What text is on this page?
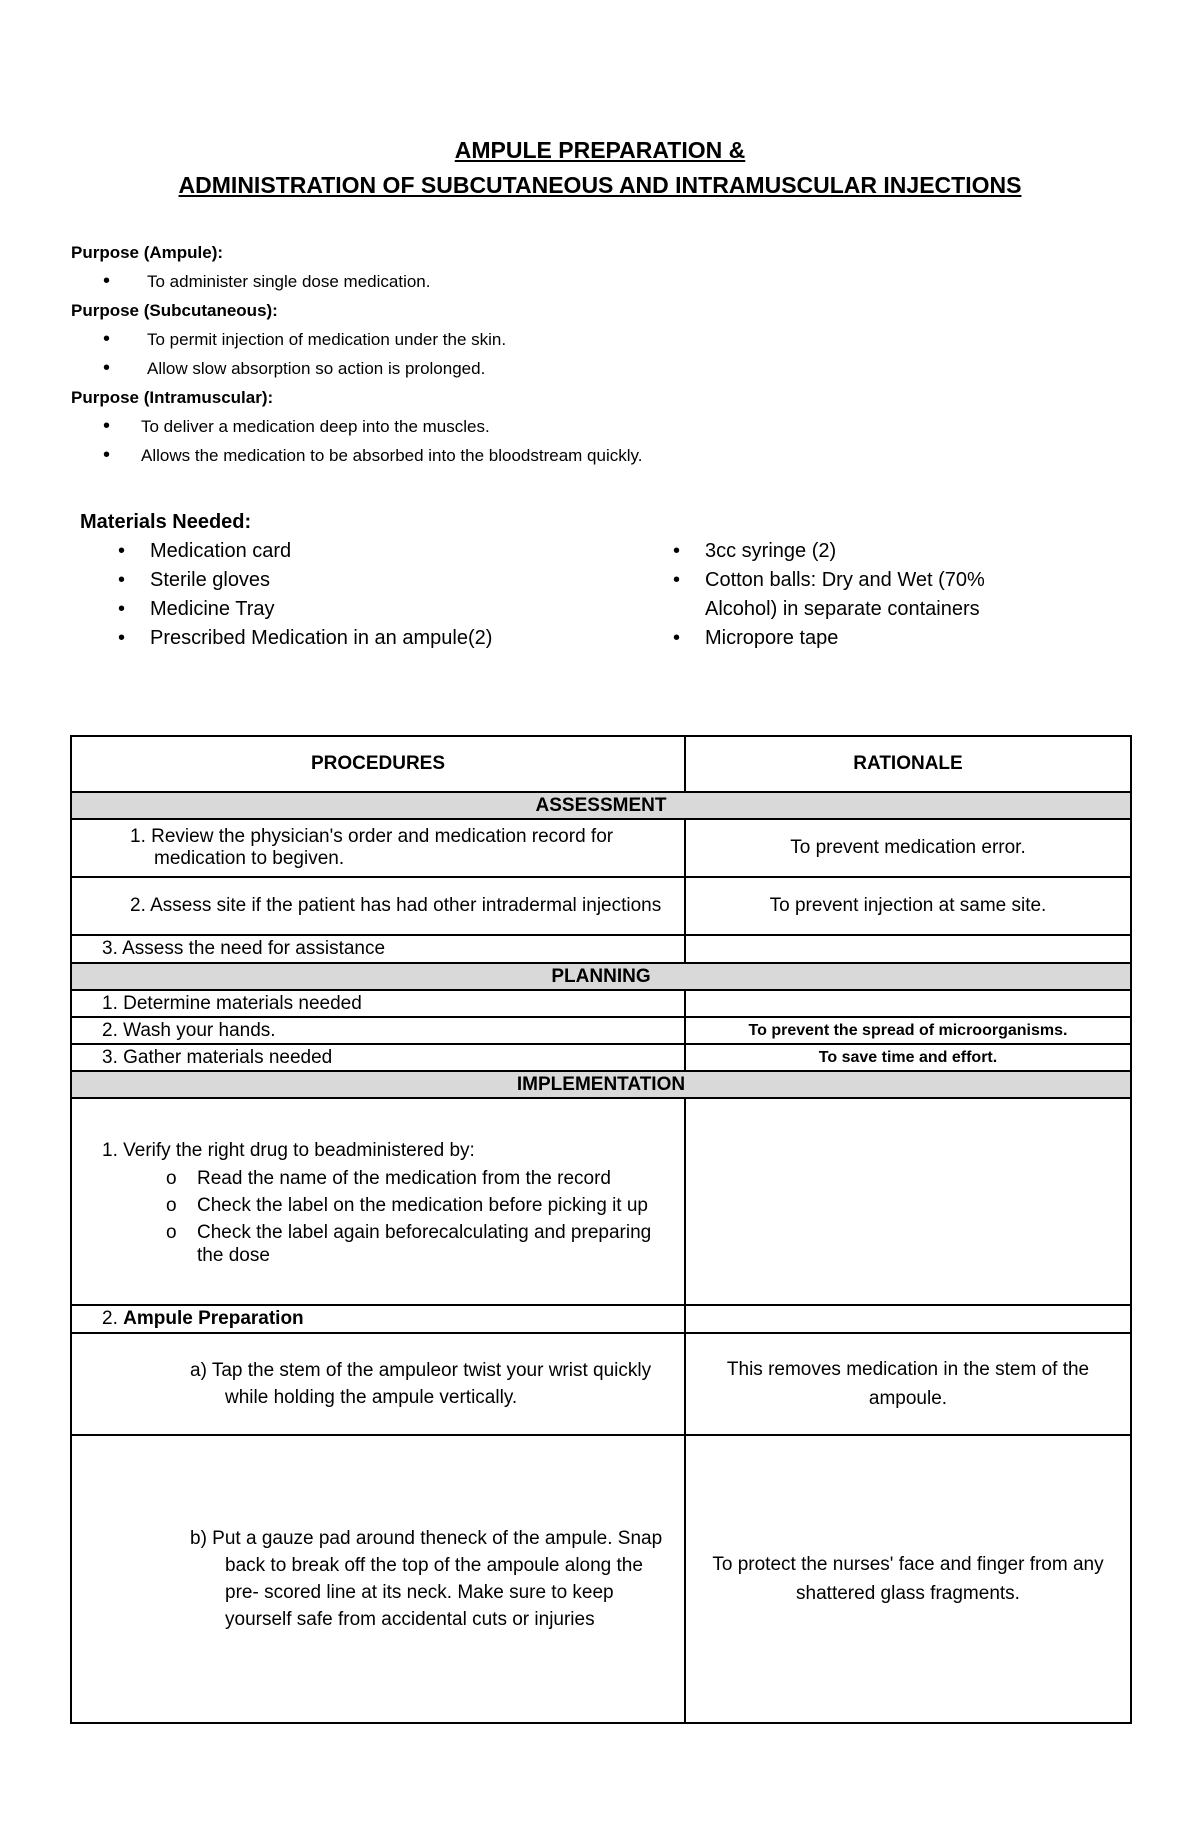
AMPULE PREPARATION &
ADMINISTRATION OF SUBCUTANEOUS AND INTRAMUSCULAR INJECTIONS
Purpose (Ampule):
• To administer single dose medication.
Purpose (Subcutaneous):
• To permit injection of medication under the skin.
• Allow slow absorption so action is prolonged.
Purpose (Intramuscular):
• To deliver a medication deep into the muscles.
• Allows the medication to be absorbed into the bloodstream quickly.
Materials Needed:
• Medication card
• Sterile gloves
• Medicine Tray
• Prescribed Medication in an ampule(2)
• 3cc syringe (2)
• Cotton balls: Dry and Wet (70% Alcohol) in separate containers
• Micropore tape
PROCEDURES	RATIONALE
ASSESSMENT	

1. Review the physician's order and medication record for medication to begiven.	To prevent medication error.

2. Assess site if the patient has had other intradermal injections	To prevent injection at same site.
3. Assess the need for assistance	
PLANNING	
1. Determine materials needed	
2. Wash your hands.	To prevent the spread of microorganisms.
3. Gather materials needed	To save time and effort.
IMPLEMENTATION	

1. Verify the right drug to beadministered by:
o Read the name of the medication from the record
o Check the label on the medication before picking it up
o Check the label again beforecalculating and preparing the dose

2. Ampule Preparation	

a) Tap the stem of the ampuleor twist your wrist quickly while holding the ampule vertically.	This removes medication in the stem of the ampoule.

b) Put a gauze pad around theneck of the ampule. Snap back to break off the top of the ampoule along the pre- scored line at its neck. Make sure to keep yourself safe from accidental cuts or injuries	To protect the nurses' face and finger from any shattered glass fragments.
